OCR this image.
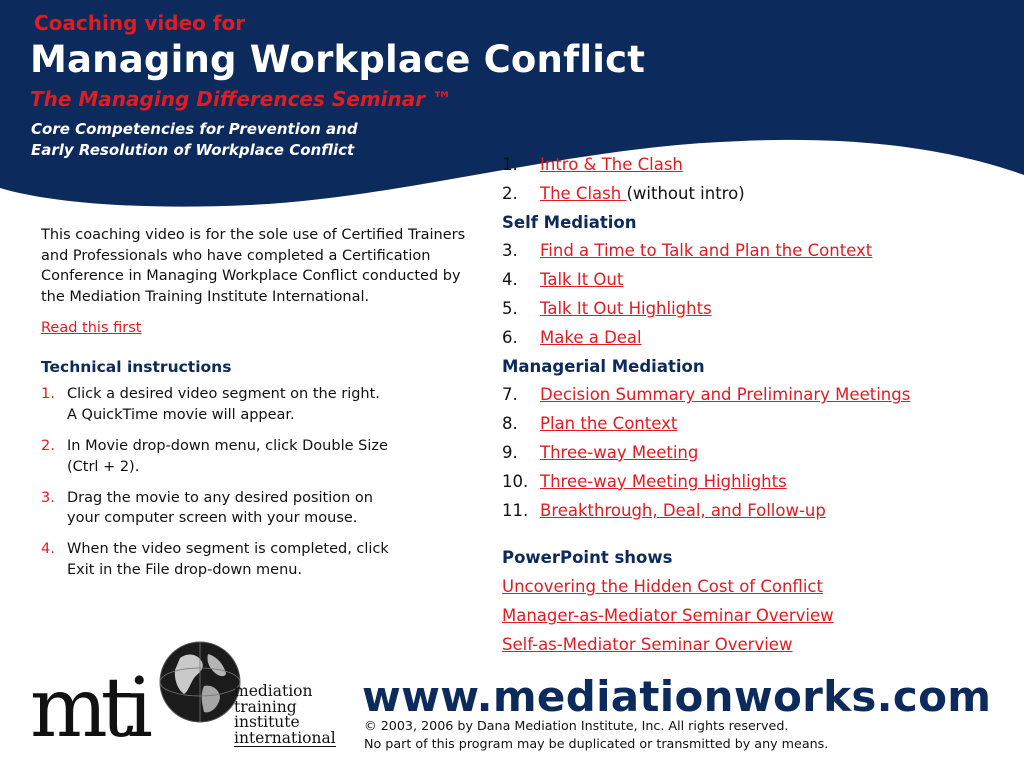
Coaching video for
Managing Workplace Conflict
The Managing Differences Seminar ™
Core Competencies for Prevention and
Early Resolution of Workplace Conflict

This coaching video is for the sole use of Certified Trainers and Professionals who have completed a Certification Conference in Managing Workplace Conflict conducted by the Mediation Training Institute International.

Read this first
Technical instructions
1. Click a desired video segment on the right.
A QuickTime movie will appear.
2. In Movie drop-down menu, click Double Size
(Ctrl + 2).
3. Drag the movie to any desired position on
your computer screen with your mouse.
4. When the video segment is completed, click
Exit in the File drop-down menu.
1.	Intro & The Clash
2.	The Clash (without intro)
Self Mediation
3.	Find a Time to Talk and Plan the Context
4.	Talk It Out
5.	Talk It Out Highlights
6.	Make a Deal
Managerial Mediation
7.	Decision Summary and Preliminary Meetings
8.	Plan the Context
9.	Three-way Meeting
10. Three-way Meeting Highlights
11. Breakthrough, Deal, and Follow-up
PowerPoint shows
Uncovering the Hidden Cost of Conflict
Manager-as-Mediator Seminar Overview
Self-as-Mediator Seminar Overview
mti	mediation
training
institute
international
www.mediationworks.com
© 2003, 2006 by Dana Mediation Institute, Inc. All rights reserved.
No part of this program may be duplicated or transmitted by any means.
